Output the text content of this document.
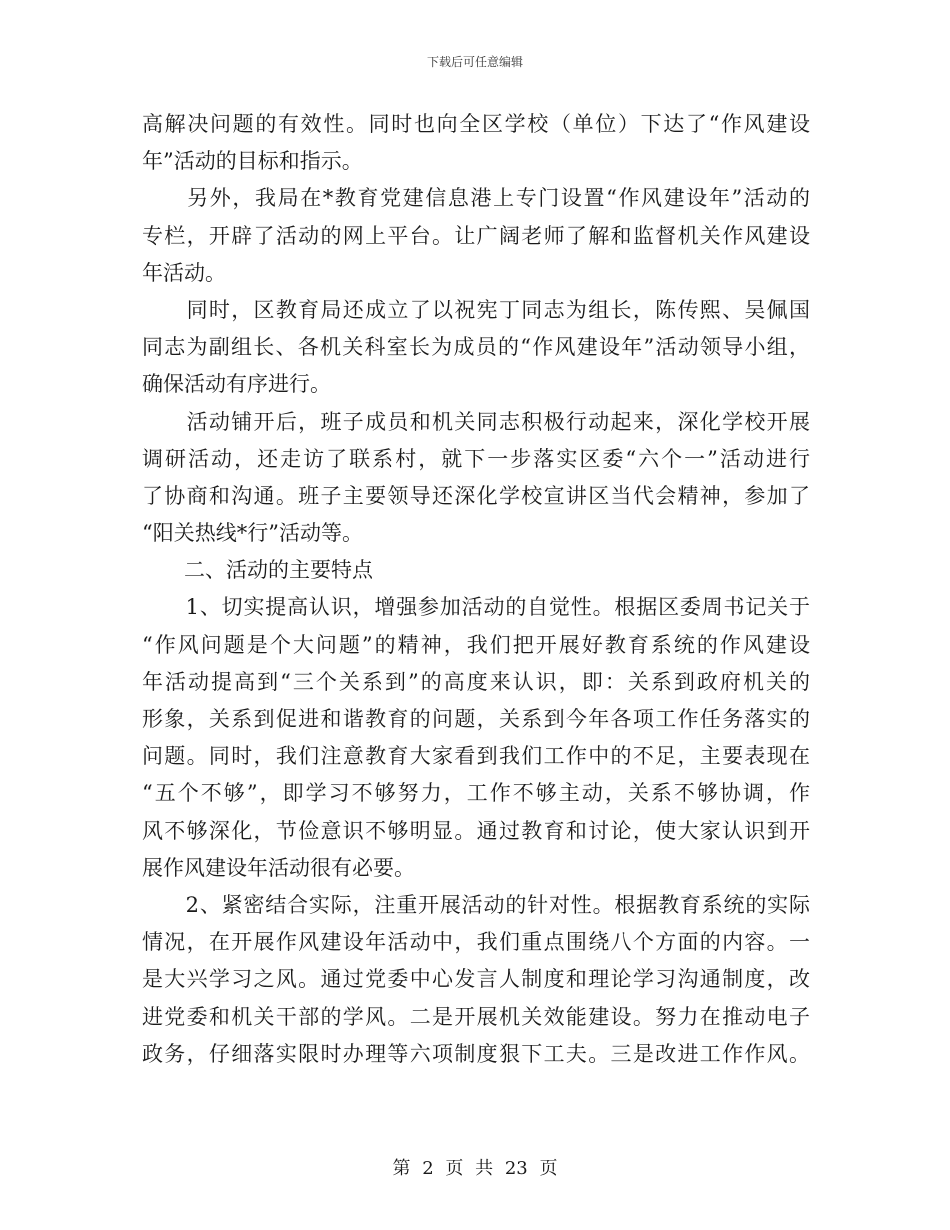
下载后可任意编辑
高解决问题的有效性。同时也向全区学校（单位）下达了“作风建设
年”活动的目标和指示。
　　另外，我局在*教育党建信息港上专门设置“作风建设年”活动的
专栏，开辟了活动的网上平台。让广阔老师了解和监督机关作风建设
年活动。
　　同时，区教育局还成立了以祝宪丁同志为组长，陈传熙、吴佩国
同志为副组长、各机关科室长为成员的“作风建设年”活动领导小组，
确保活动有序进行。
　　活动铺开后，班子成员和机关同志积极行动起来，深化学校开展
调研活动，还走访了联系村，就下一步落实区委“六个一”活动进行
了协商和沟通。班子主要领导还深化学校宣讲区当代会精神，参加了
“阳关热线*行”活动等。
　　二、活动的主要特点
　　1、切实提高认识，增强参加活动的自觉性。根据区委周书记关于
“作风问题是个大问题”的精神，我们把开展好教育系统的作风建设
年活动提高到“三个关系到”的高度来认识，即：关系到政府机关的
形象，关系到促进和谐教育的问题，关系到今年各项工作任务落实的
问题。同时，我们注意教育大家看到我们工作中的不足，主要表现在
“五个不够”，即学习不够努力，工作不够主动，关系不够协调，作
风不够深化，节俭意识不够明显。通过教育和讨论，使大家认识到开
展作风建设年活动很有必要。
　　2、紧密结合实际，注重开展活动的针对性。根据教育系统的实际
情况，在开展作风建设年活动中，我们重点围绕八个方面的内容。一
是大兴学习之风。通过党委中心发言人制度和理论学习沟通制度，改
进党委和机关干部的学风。二是开展机关效能建设。努力在推动电子
政务，仔细落实限时办理等六项制度狠下工夫。三是改进工作作风。
第 2 页 共 23 页
